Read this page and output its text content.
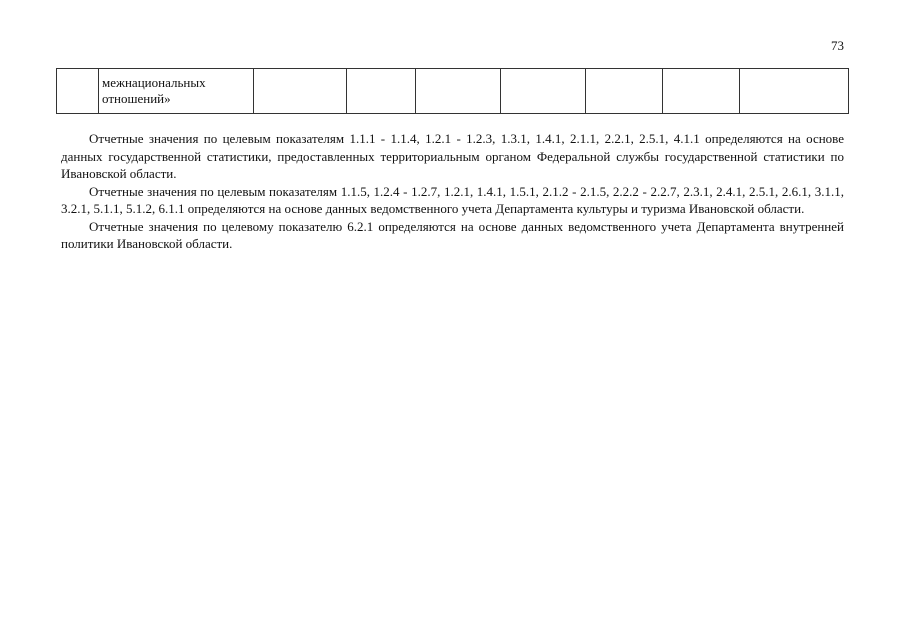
73
	межнациональных
отношений»							

Отчетные значения по целевым показателям 1.1.1 - 1.1.4, 1.2.1 - 1.2.3, 1.3.1, 1.4.1, 2.1.1, 2.2.1, 2.5.1, 4.1.1 определяются на основе данных государственной статистики, предоставленных территориальным органом Федеральной службы государственной статистики по Ивановской области.

Отчетные значения по целевым показателям 1.1.5, 1.2.4 - 1.2.7, 1.2.1, 1.4.1, 1.5.1, 2.1.2 - 2.1.5, 2.2.2 - 2.2.7, 2.3.1, 2.4.1, 2.5.1, 2.6.1, 3.1.1, 3.2.1, 5.1.1, 5.1.2, 6.1.1 определяются на основе данных ведомственного учета Департамента культуры и туризма Ивановской области.

Отчетные значения по целевому показателю 6.2.1 определяются на основе данных ведомственного учета Департамента внутренней политики Ивановской области.
